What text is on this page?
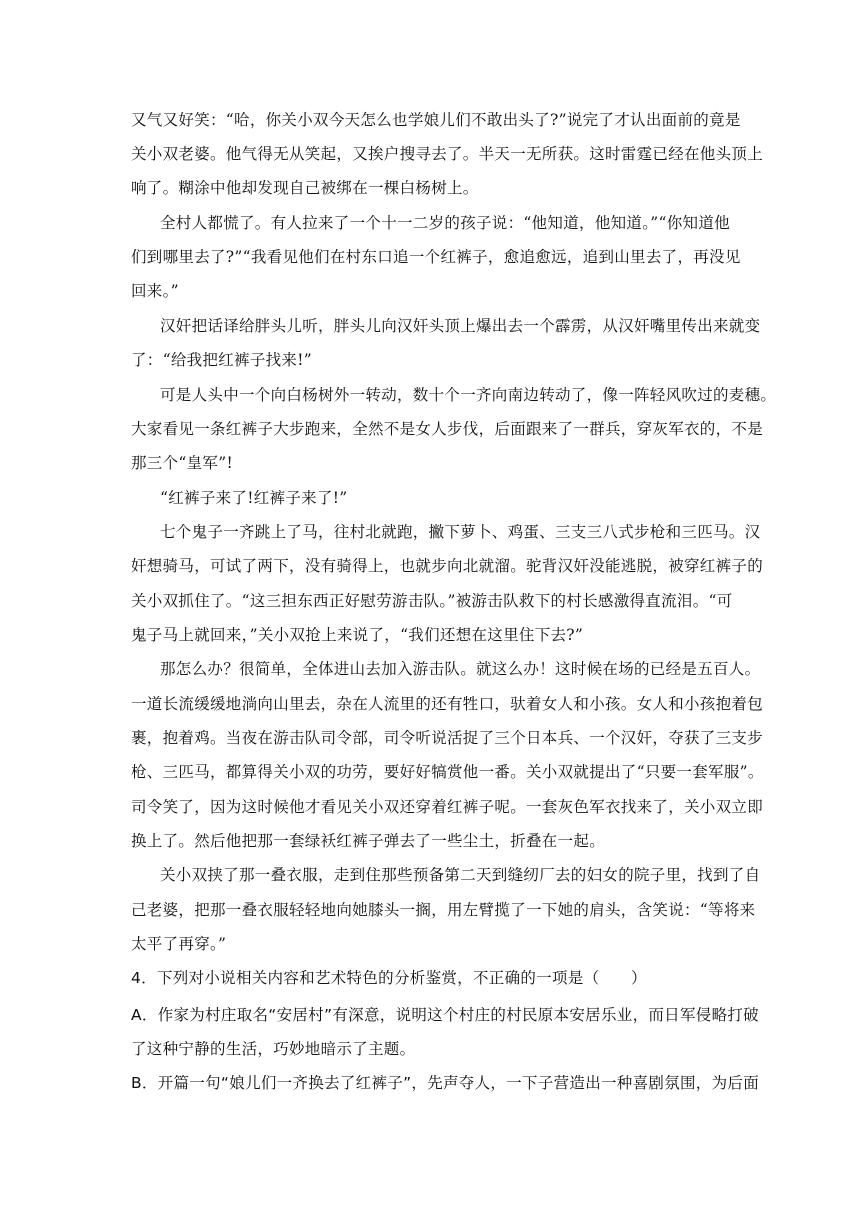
又气又好笑：“哈，你关小双今天怎么也学娘儿们不敢出头了?”说完了才认出面前的竟是
关小双老婆。他气得无从笑起，又挨户搜寻去了。半天一无所获。这时雷霆已经在他头顶上
响了。糊涂中他却发现自己被绑在一棵白杨树上。
全村人都慌了。有人拉来了一个十一二岁的孩子说：“他知道，他知道。”“你知道他
们到哪里去了?”“我看见他们在村东口追一个红裤子，愈追愈远，追到山里去了，再没见
回来。”
汉奸把话译给胖头儿听，胖头儿向汉奸头顶上爆出去一个霹雳，从汉奸嘴里传出来就变
了：“给我把红裤子找来!”
可是人头中一个向白杨树外一转动，数十个一齐向南边转动了，像一阵轻风吹过的麦穗。
大家看见一条红裤子大步跑来，全然不是女人步伐，后面跟来了一群兵，穿灰军衣的，不是
那三个“皇军”!
“红裤子来了!红裤子来了!”
七个鬼子一齐跳上了马，往村北就跑，撇下萝卜、鸡蛋、三支三八式步枪和三匹马。汉
奸想骑马，可试了两下，没有骑得上，也就步向北就溜。驼背汉奸没能逃脱，被穿红裤子的
关小双抓住了。“这三担东西正好慰劳游击队。”被游击队救下的村长感激得直流泪。“可
鬼子马上就回来，”关小双抢上来说了，“我们还想在这里住下去?”
那怎么办？很简单，全体进山去加入游击队。就这么办！这时候在场的已经是五百人。
一道长流缓缓地淌向山里去，杂在人流里的还有牲口，驮着女人和小孩。女人和小孩抱着包
裹，抱着鸡。当夜在游击队司令部，司令听说活捉了三个日本兵、一个汉奸，夺获了三支步
枪、三匹马，都算得关小双的功劳，要好好犒赏他一番。关小双就提出了“只要一套军服”。
司令笑了，因为这时候他才看见关小双还穿着红裤子呢。一套灰色军衣找来了，关小双立即
换上了。然后他把那一套绿袄红裤子弹去了一些尘土，折叠在一起。
关小双挟了那一叠衣服，走到住那些预备第二天到缝纫厂去的妇女的院子里，找到了自
己老婆，把那一叠衣服轻轻地向她膝头一搁，用左臂揽了一下她的肩头，含笑说：“等将来
太平了再穿。”
4．下列对小说相关内容和艺术特色的分析鉴赏，不正确的一项是（　　）
A．作家为村庄取名“安居村”有深意，说明这个村庄的村民原本安居乐业，而日军侵略打破
了这种宁静的生活，巧妙地暗示了主题。
B．开篇一句“娘儿们一齐换去了红裤子”，先声夺人，一下子营造出一种喜剧氛围，为后面
